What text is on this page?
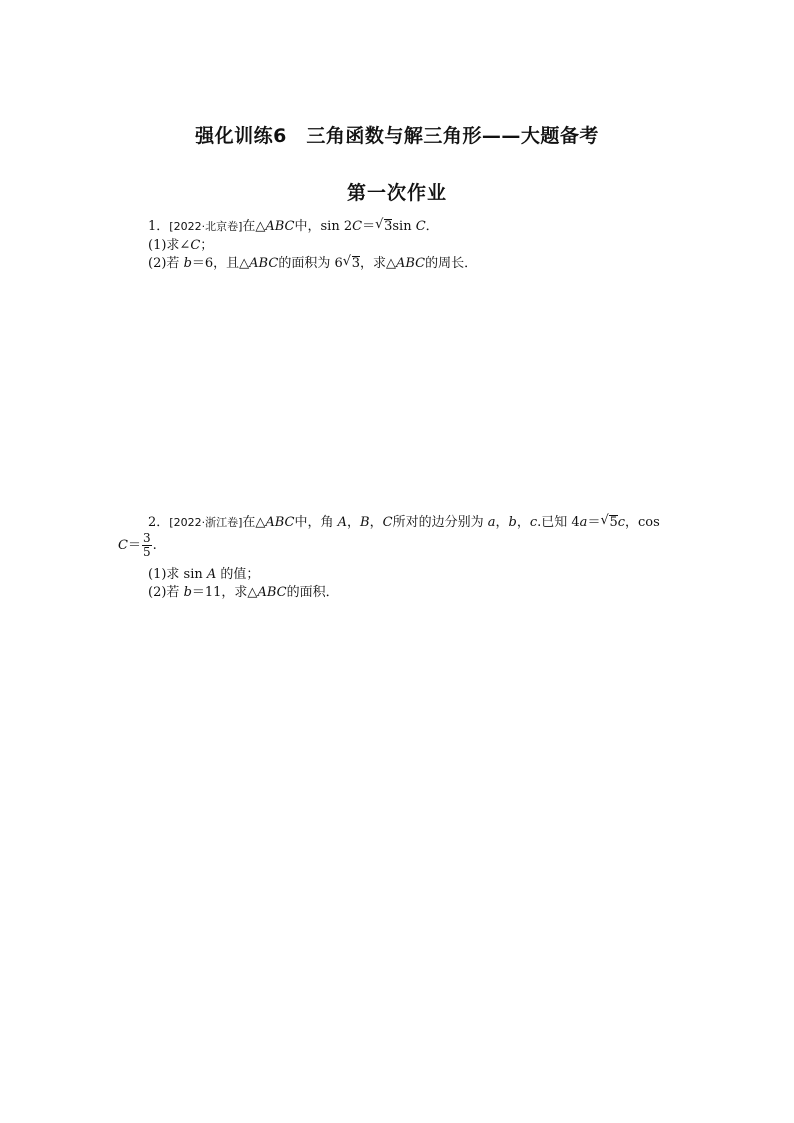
强化训练6　三角函数与解三角形——大题备考
第一次作业
1．[2022·北京卷]在△ABC中，sin 2C＝ √ 3sin C．
(1)求∠C；
(2)若 b＝6，且△ABC的面积为 6 √ 3，求△ABC的周长．
2．[2022·浙江卷]在△ABC中，角 A，B，C所对的边分别为 a，b，c.已知 4a＝ √ 5c，cos
$C= \frac{3}{5}$ .
(1)求 sin A 的值；
(2)若 b＝11，求△ABC的面积．
